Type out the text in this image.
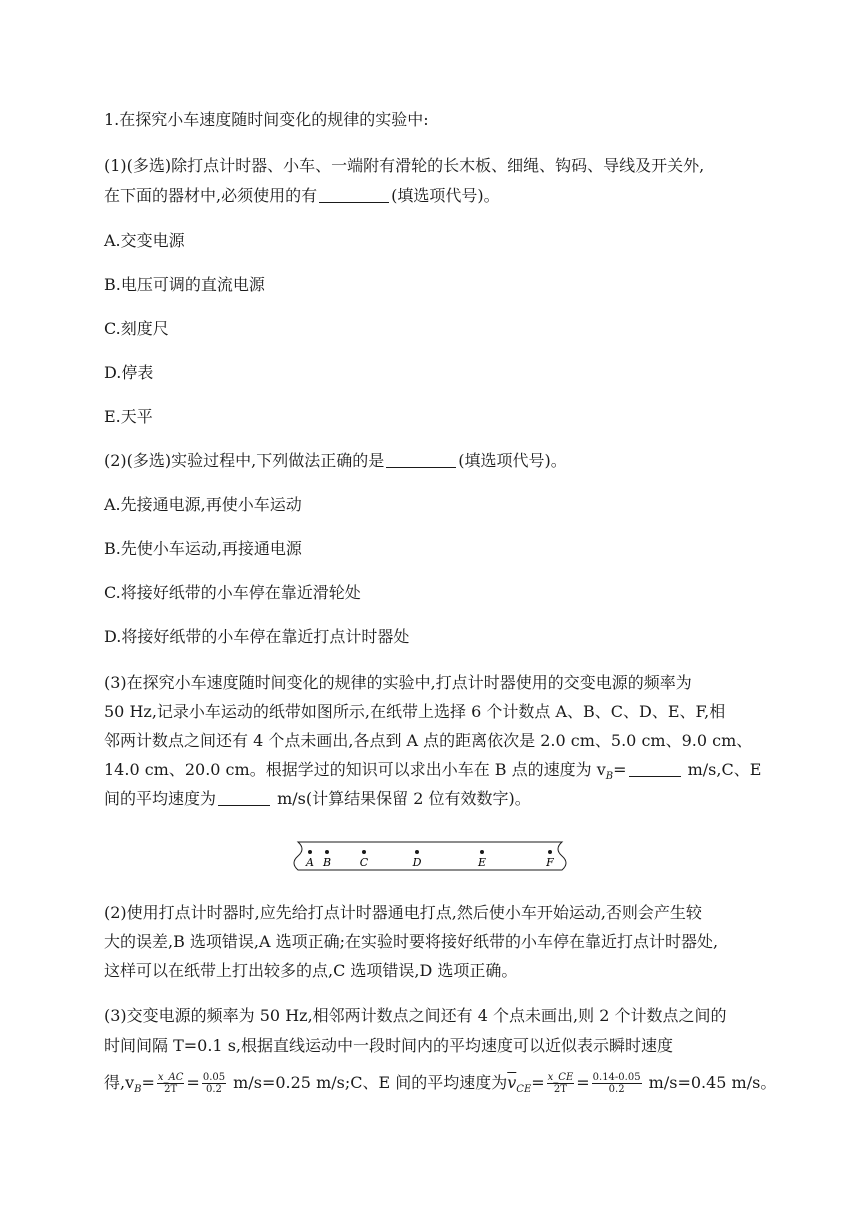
1.在探究小车速度随时间变化的规律的实验中:
(1)(多选)除打点计时器、小车、一端附有滑轮的长木板、细绳、钩码、导线及开关外,
在下面的器材中,必须使用的有	(填选项代号)。
A.交变电源
B.电压可调的直流电源
C.刻度尺
D.停表
E.天平
(2)(多选)实验过程中,下列做法正确的是	(填选项代号)。
A.先接通电源,再使小车运动
B.先使小车运动,再接通电源
C.将接好纸带的小车停在靠近滑轮处
D.将接好纸带的小车停在靠近打点计时器处
(3)在探究小车速度随时间变化的规律的实验中,打点计时器使用的交变电源的频率为
50 Hz,记录小车运动的纸带如图所示,在纸带上选择 6 个计数点 A、B、C、D、E、F,相
邻两计数点之间还有 4 个点未画出,各点到 A 点的距离依次是 2.0 cm、5.0 cm、9.0 cm、
14.0 cm、20.0 cm。根据学过的知识可以求出小车在 B 点的速度为 $v_B=$	m/s,C、E
间的平均速度为	m/s(计算结果保留 2 位有效数字)。
A B	C	D	E	F
(2)使用打点计时器时,应先给打点计时器通电打点,然后使小车开始运动,否则会产生较
大的误差,B 选项错误,A 选项正确;在实验时要将接好纸带的小车停在靠近打点计时器处,
这样可以在纸带上打出较多的点,C 选项错误,D 选项正确。
(3)交变电源的频率为 50 Hz,相邻两计数点之间还有 4 个点未画出,则 2 个计数点之间的
时间间隔 T=0.1 s,根据直线运动中一段时间内的平均速度可以近似表示瞬时速度
得$,v_B= \frac{x\_AC}{2T} = \frac{0.05}{0.2} m/s=0.25$ m/s;C、E 间的平均速度为$\overline{v}_{CE}= \frac{x\_CE}{2T} = \frac{0.14-0.05}{0.2} m/s=0.45$ m/s。
